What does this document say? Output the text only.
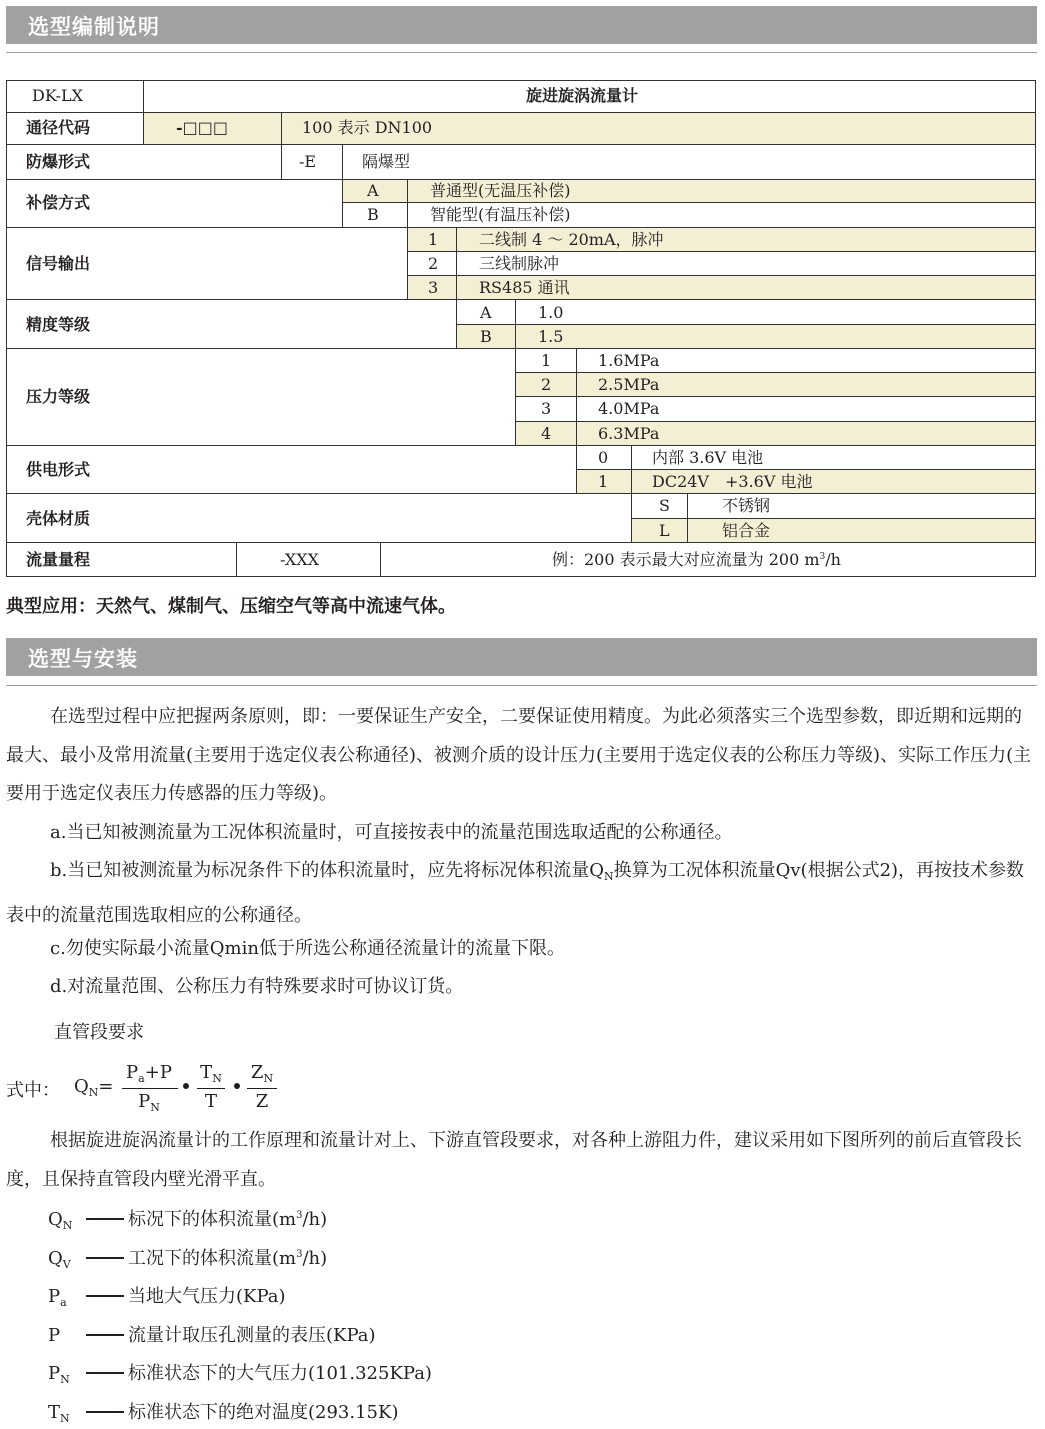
选型编制说明
DK-LX	旋进旋涡流量计
通径代码	-□□□	100 表示 DN100
防爆形式	-E	隔爆型
补偿方式
A	普通型(无温压补偿)
B	智能型(有温压补偿)
信号输出
1	二线制 4 ～ 20mA，脉冲
2	三线制脉冲
3	RS485 通讯
精度等级
A	1.0
B	1.5
压力等级
1	1.6MPa
2	2.5MPa
3	4.0MPa
4	6.3MPa
供电形式
0	内部 3.6V 电池
1	DC24V　+3.6V 电池
壳体材质
S	不锈钢
L	铝合金
流量量程	-XXX	例：200 表示最大对应流量为 200 $m^3/h$
典型应用：天然气、煤制气、压缩空气等高中流速气体。
选型与安装
在选型过程中应把握两条原则，即：一要保证生产安全，二要保证使用精度。为此必须落实三个选型参数，即近期和远期的最大、最小及常用流量(主要用于选定仪表公称通径)、被测介质的设计压力(主要用于选定仪表的公称压力等级)、实际工作压力(主要用于选定仪表压力传感器的压力等级)。
a.当已知被测流量为工况体积流量时，可直接按表中的流量范围选取适配的公称通径。
b.当已知被测流量为标况条件下的体积流量时，应先将标况体积流量$Q_N$换算为工况体积流量Qv(根据公式2)，再按技术参数表中的流量范围选取相应的公称通径。
c.勿使实际最小流量Qmin低于所选公称通径流量计的流量下限。
d.对流量范围、公称压力有特殊要求时可协议订货。
直管段要求
式中： $Q_N=$
$P_a+P$
$P_N$
$T_N$
T
$Z_N$
Z
根据旋进旋涡流量计的工作原理和流量计对上、下游直管段要求，对各种上游阻力件，建议采用如下图所列的前后直管段长度，且保持直管段内壁光滑平直。
$Q_N$	标况下的体积流量$(m^3/h)$
$Q_V$	工况下的体积流量$(m^3/h)$
$P_a$	当地大气压力(KPa)
P	流量计取压孔测量的表压(KPa)
$P_N$	标准状态下的大气压力(101.325KPa)
$T_N$	标准状态下的绝对温度(293.15K)
